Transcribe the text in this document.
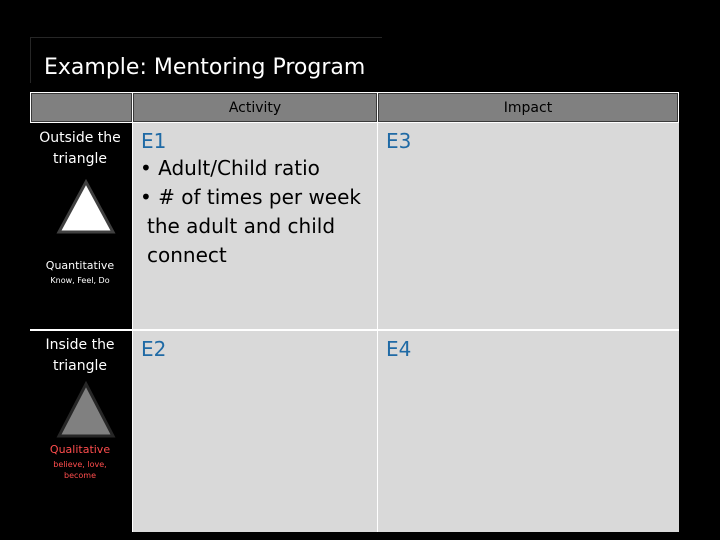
Example: Mentoring Program
Activity	Impact
Outside the
triangle
Quantitative
Know, Feel, Do
E1
• Adult/Child ratio
• # of times per week
the adult and child
connect
E3
Inside the
triangle
Qualitative
believe, love,
become
E2	E4
